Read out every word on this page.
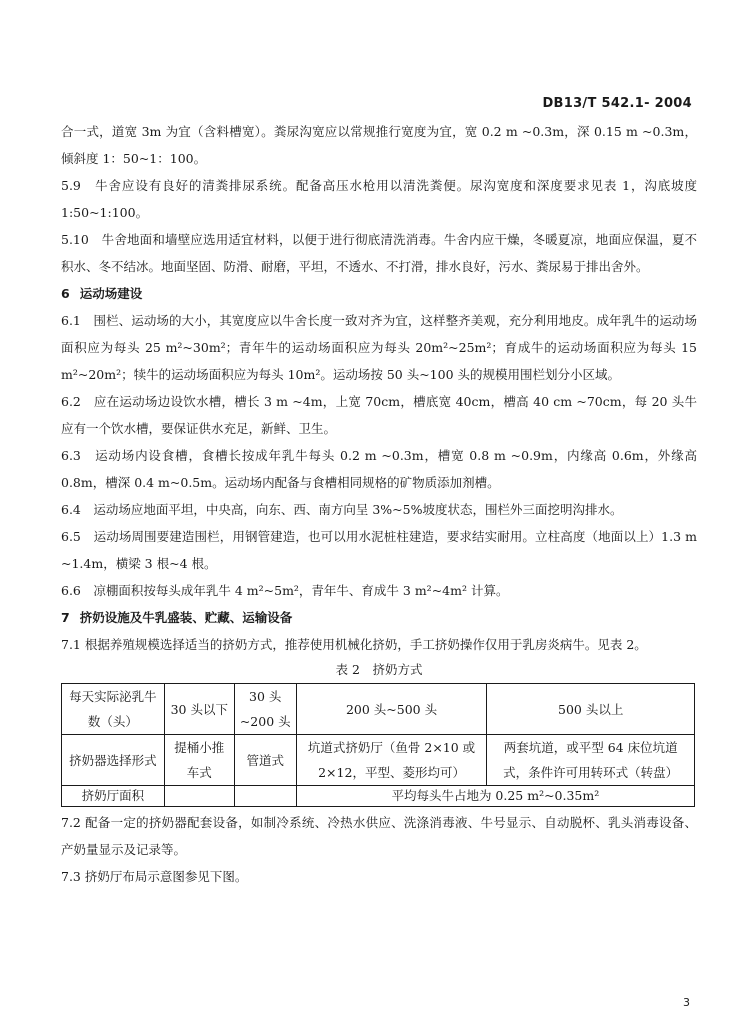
DB13/T 542.1- 2004

合一式，道宽 3m 为宜（含料槽宽）。粪尿沟宽应以常规推行宽度为宜，宽 0.2 m ~0.3m，深 0.15 m ~0.3m，倾斜度 1：50~1：100。

5.9　牛舍应设有良好的清粪排尿系统。配备高压水枪用以清洗粪便。尿沟宽度和深度要求见表 1，沟底坡度 1:50~1:100。

5.10　牛舍地面和墙壁应选用适宜材料，以便于进行彻底清洗消毒。牛舍内应干燥，冬暖夏凉，地面应保温，夏不积水、冬不结冰。地面坚固、防滑、耐磨，平坦，不透水、不打滑，排水良好，污水、粪尿易于排出舍外。

6 运动场建设

6.1　围栏、运动场的大小，其宽度应以牛舍长度一致对齐为宜，这样整齐美观，充分利用地皮。成年乳牛的运动场面积应为每头 25 m²~30m²；青年牛的运动场面积应为每头 20m²~25m²；育成牛的运动场面积应为每头 15 m²~20m²；犊牛的运动场面积应为每头 10m²。运动场按 50 头~100 头的规模用围栏划分小区域。

6.2　应在运动场边设饮水槽，槽长 3 m ~4m，上宽 70cm，槽底宽 40cm，槽高 40 cm ~70cm，每 20 头牛应有一个饮水槽，要保证供水充足，新鲜、卫生。

6.3　运动场内设食槽，食槽长按成年乳牛每头 0.2 m ~0.3m，槽宽 0.8 m ~0.9m，内缘高 0.6m，外缘高 0.8m，槽深 0.4 m~0.5m。运动场内配备与食槽相同规格的矿物质添加剂槽。

6.4　运动场应地面平坦，中央高，向东、西、南方向呈 3%~5%坡度状态，围栏外三面挖明沟排水。

6.5　运动场周围要建造围栏，用钢管建造，也可以用水泥桩柱建造，要求结实耐用。立柱高度（地面以上）1.3 m ~1.4m，横梁 3 根~4 根。

6.6　凉棚面积按每头成年乳牛 4 m²~5m²，青年牛、育成牛 3 m²~4m² 计算。

7 挤奶设施及牛乳盛装、贮藏、运输设备

7.1 根据养殖规模选择适当的挤奶方式，推荐使用机械化挤奶，手工挤奶操作仅用于乳房炎病牛。见表 2。

表 2　挤奶方式
每天实际泌乳牛数（头）	30 头以下	30 头~200 头	200 头~500 头	500 头以上
挤奶器选择形式	提桶小推车式	管道式	坑道式挤奶厅（鱼骨 2×10 或 2×12，平型、菱形均可）	两套坑道，或平型 64 床位坑道式，条件许可用转环式（转盘）
挤奶厅面积			平均每头牛占地为 0.25 m²~0.35m²	

7.2 配备一定的挤奶器配套设备，如制冷系统、冷热水供应、洗涤消毒液、牛号显示、自动脱杯、乳头消毒设备、产奶量显示及记录等。

7.3 挤奶厅布局示意图参见下图。

3
